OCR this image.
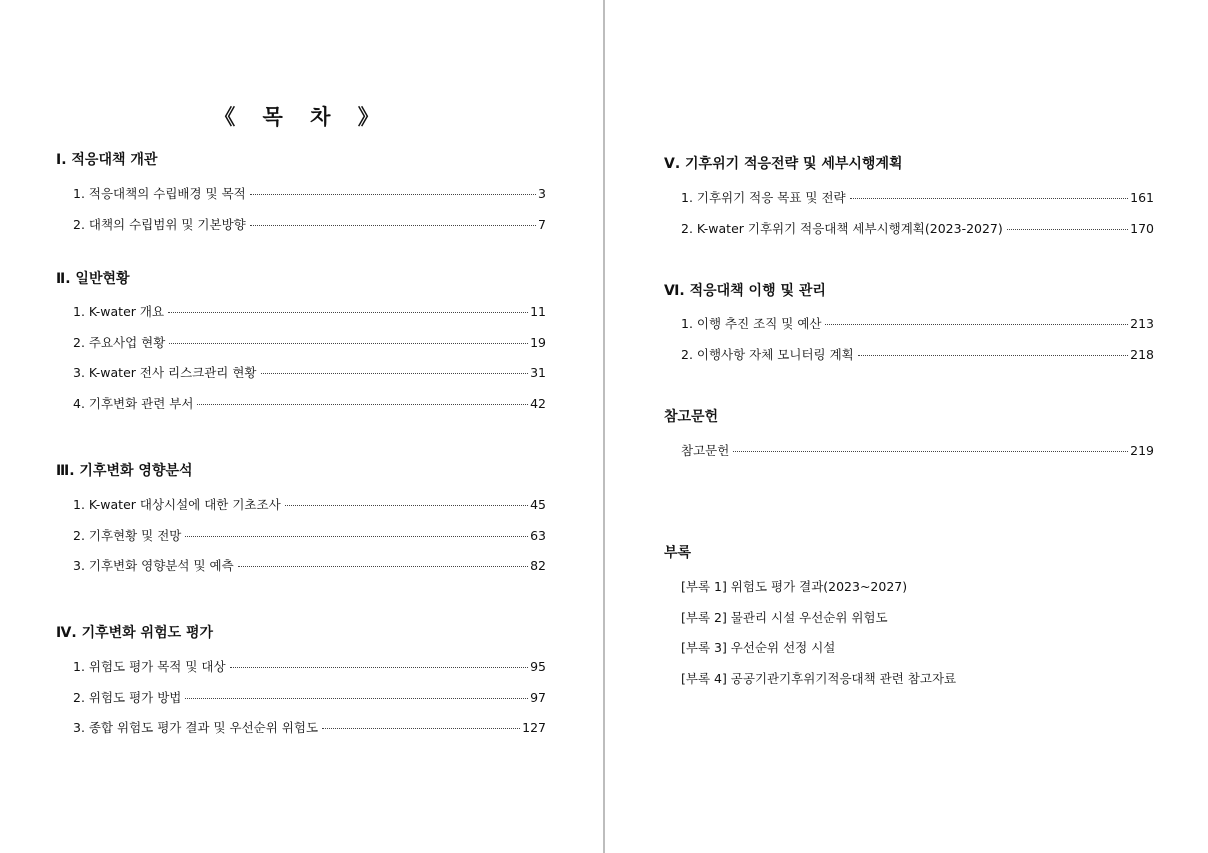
《 목 차 》
Ⅰ. 적응대책 개관
1. 적응대책의 수립배경 및 목적	3
2. 대책의 수립범위 및 기본방향	7
Ⅱ. 일반현황
1. K-water 개요	11
2. 주요사업 현황	19
3. K-water 전사 리스크관리 현황	31
4. 기후변화 관련 부서	42
Ⅲ. 기후변화 영향분석
1. K-water 대상시설에 대한 기초조사	45
2. 기후현황 및 전망	63
3. 기후변화 영향분석 및 예측	82
Ⅳ. 기후변화 위험도 평가
1. 위험도 평가 목적 및 대상	95
2. 위험도 평가 방법	97
3. 종합 위험도 평가 결과 및 우선순위 위험도	127
Ⅴ. 기후위기 적응전략 및 세부시행계획
1. 기후위기 적응 목표 및 전략	161
2. K-water 기후위기 적응대책 세부시행계획(2023-2027)	170
Ⅵ. 적응대책 이행 및 관리
1. 이행 추진 조직 및 예산	213
2. 이행사항 자체 모니터링 계획	218
참고문헌
참고문헌	219
부록
[부록 1] 위험도 평가 결과(2023~2027)
[부록 2] 물관리 시설 우선순위 위험도
[부록 3] 우선순위 선정 시설
[부록 4] 공공기관기후위기적응대책 관련 참고자료
